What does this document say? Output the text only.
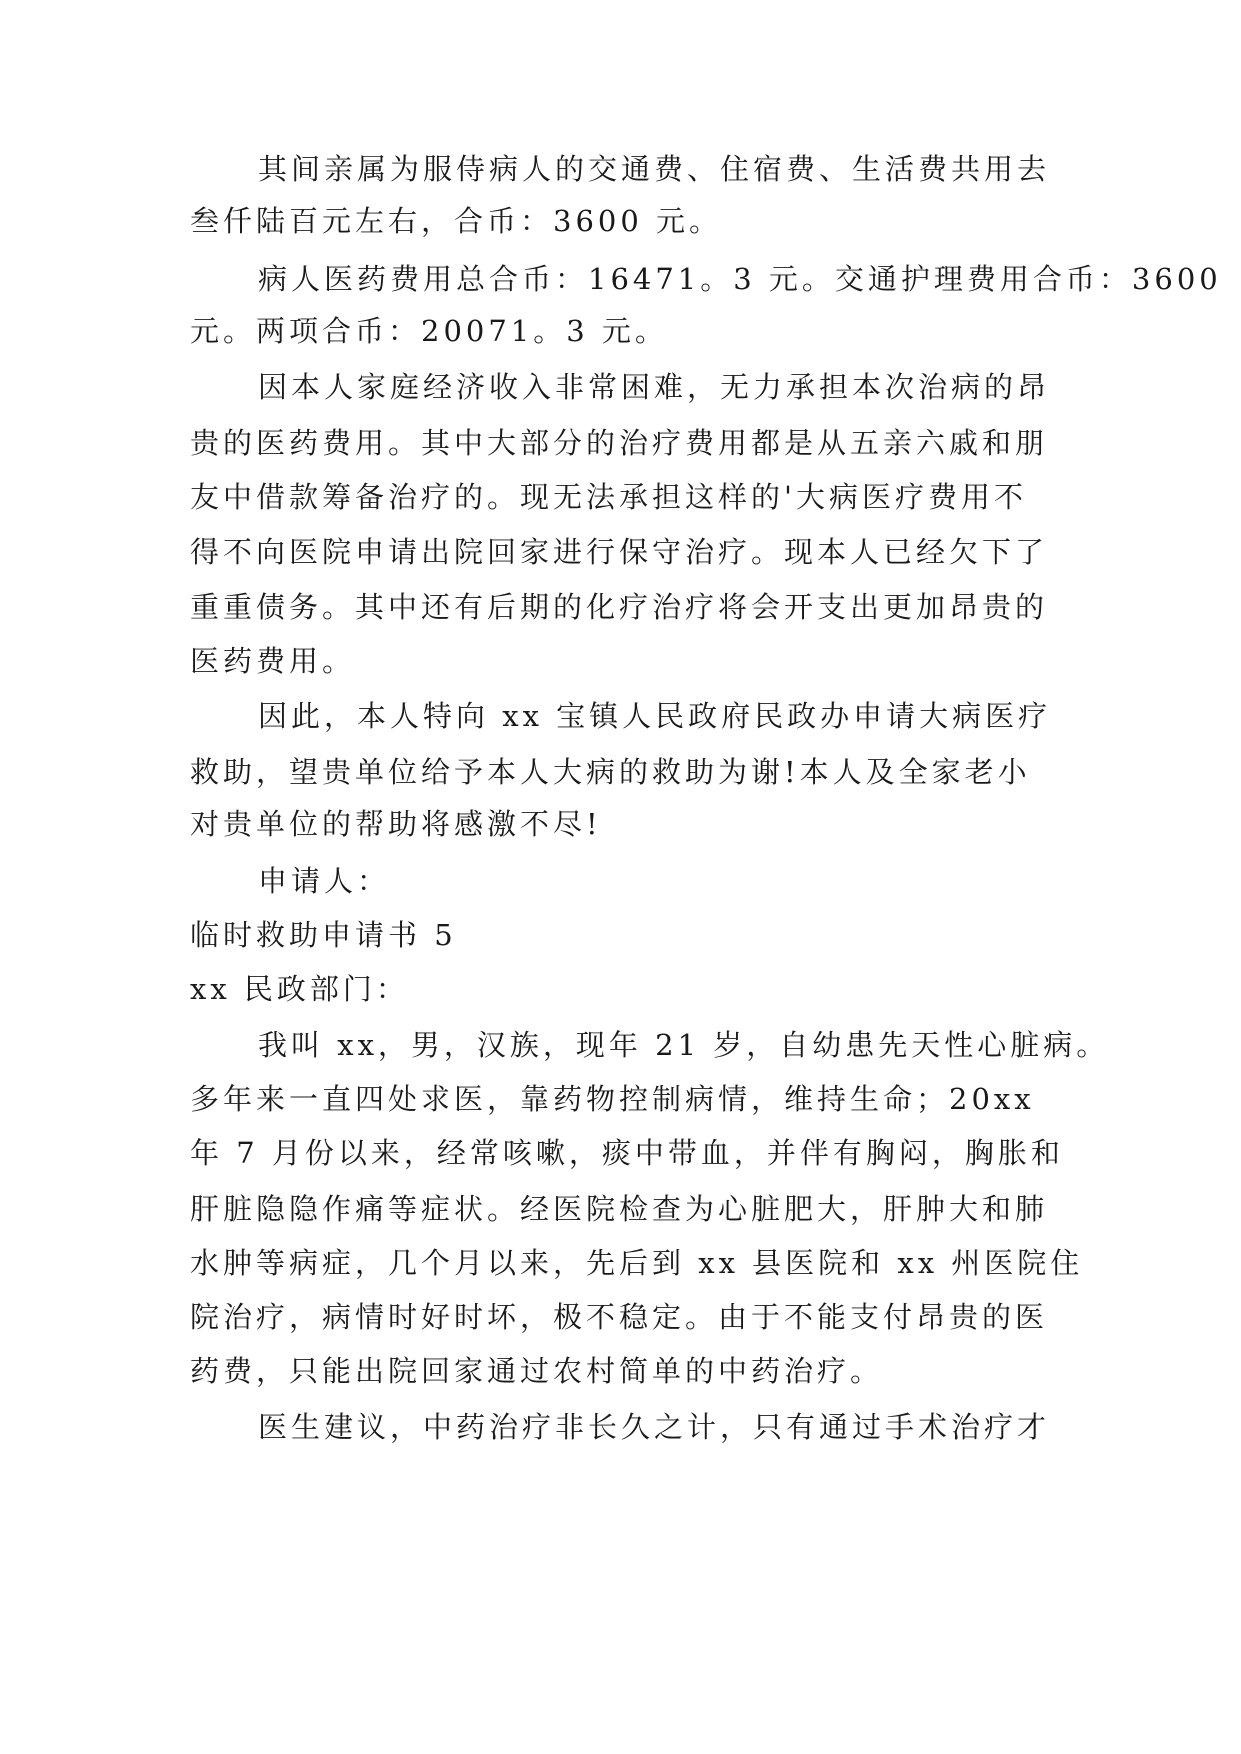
其间亲属为服侍病人的交通费、住宿费、生活费共用去
叁仟陆百元左右，合币：3600 元。
病人医药费用总合币：16471。3 元。交通护理费用合币：3600
元。两项合币：20071。3 元。
因本人家庭经济收入非常困难，无力承担本次治病的昂
贵的医药费用。其中大部分的治疗费用都是从五亲六戚和朋
友中借款筹备治疗的。现无法承担这样的'大病医疗费用不
得不向医院申请出院回家进行保守治疗。现本人已经欠下了
重重债务。其中还有后期的化疗治疗将会开支出更加昂贵的
医药费用。
因此，本人特向 xx 宝镇人民政府民政办申请大病医疗
救助，望贵单位给予本人大病的救助为谢!本人及全家老小
对贵单位的帮助将感激不尽!
申请人：
临时救助申请书 5
xx 民政部门：
我叫 xx，男，汉族，现年 21 岁，自幼患先天性心脏病。
多年来一直四处求医，靠药物控制病情，维持生命；20xx
年 7 月份以来，经常咳嗽，痰中带血，并伴有胸闷，胸胀和
肝脏隐隐作痛等症状。经医院检查为心脏肥大，肝肿大和肺
水肿等病症，几个月以来，先后到 xx 县医院和 xx 州医院住
院治疗，病情时好时坏，极不稳定。由于不能支付昂贵的医
药费，只能出院回家通过农村简单的中药治疗。
医生建议，中药治疗非长久之计，只有通过手术治疗才
